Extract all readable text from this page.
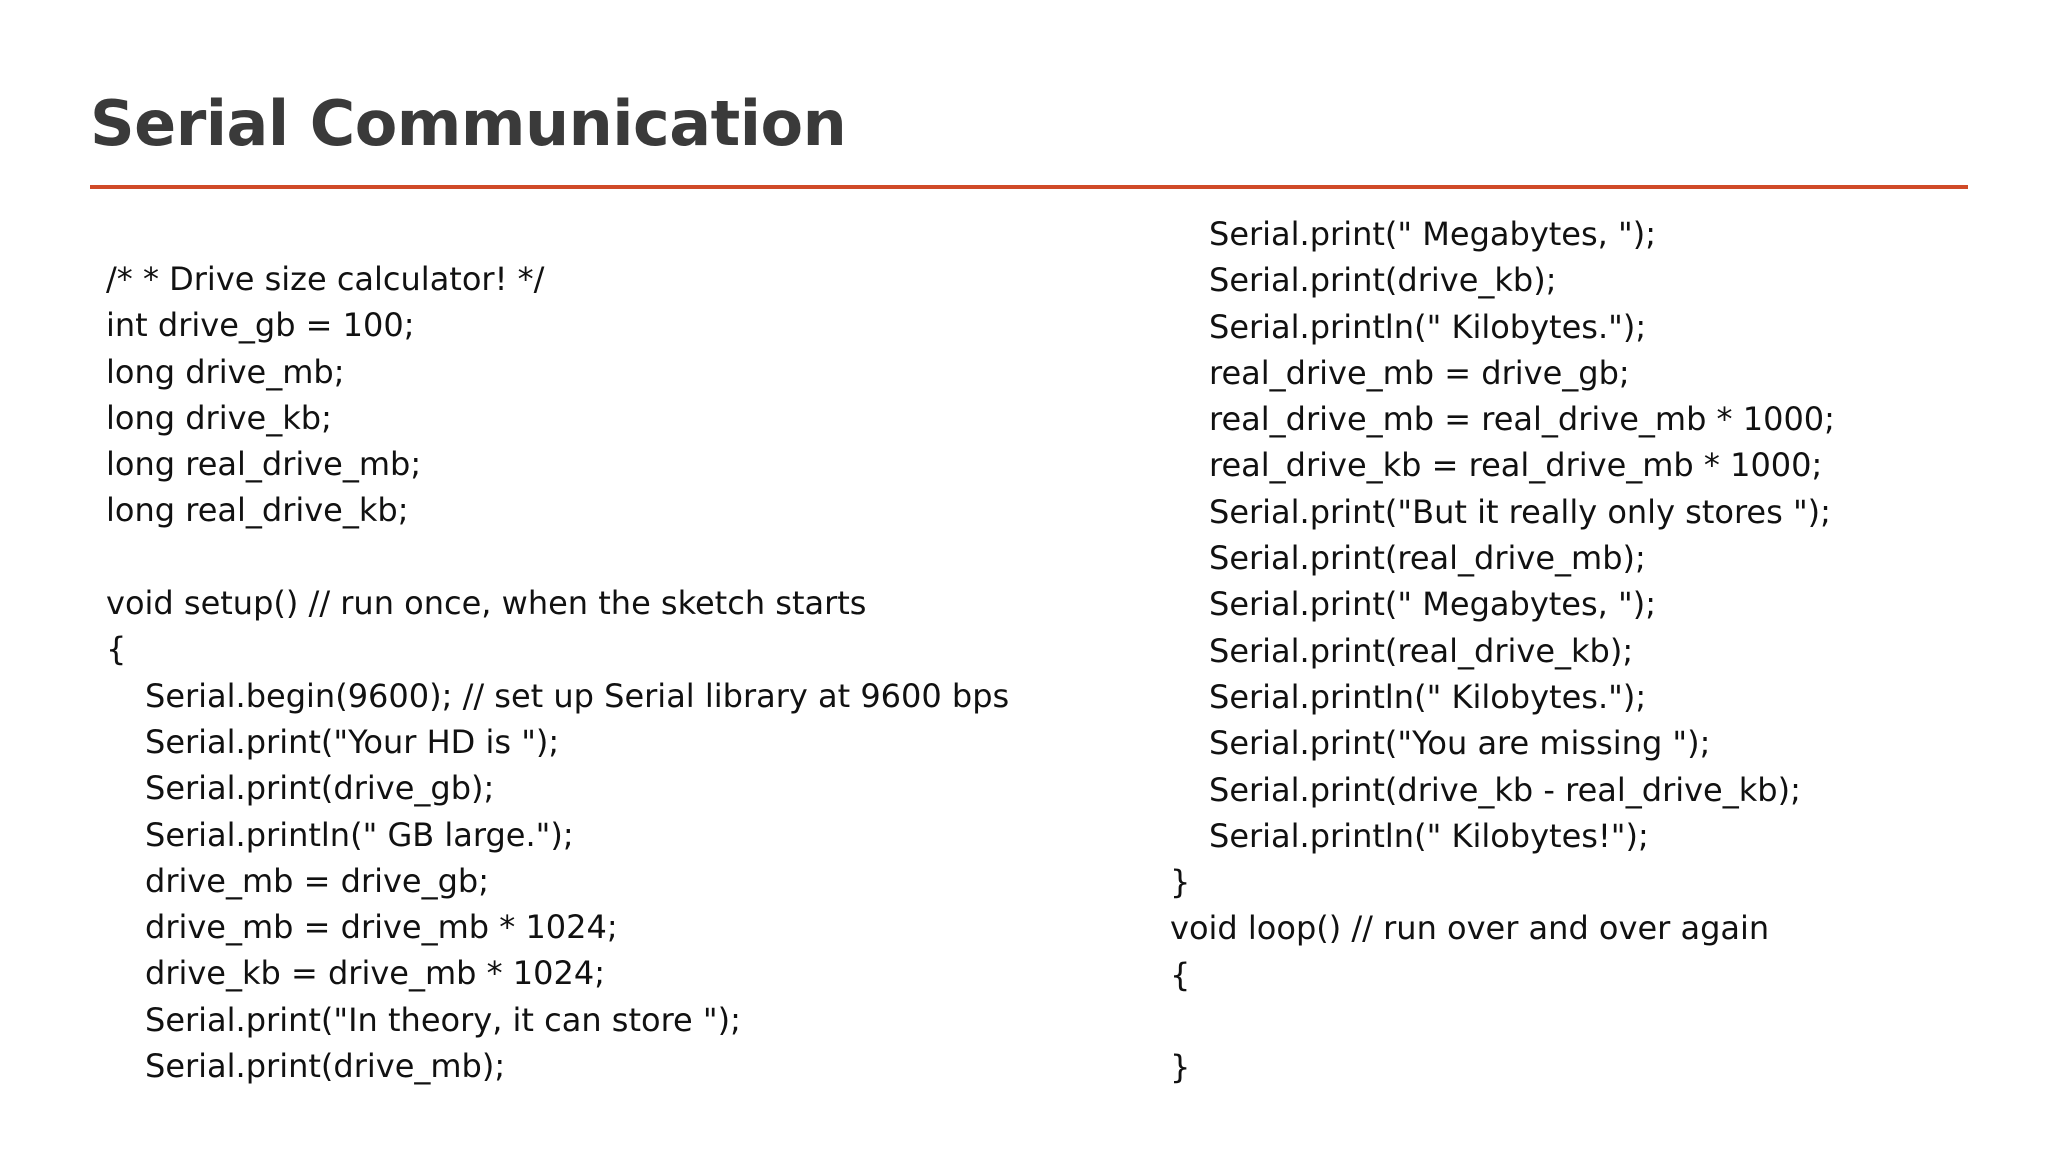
Serial Communication
/* * Drive size calculator! */
int drive_gb = 100;
long drive_mb;
long drive_kb;
long real_drive_mb;
long real_drive_kb;
void setup() // run once, when the sketch starts
{
Serial.begin(9600); // set up Serial library at 9600 bps
Serial.print("Your HD is ");
Serial.print(drive_gb);
Serial.println(" GB large.");
drive_mb = drive_gb;
drive_mb = drive_mb * 1024;
drive_kb = drive_mb * 1024;
Serial.print("In theory, it can store ");
Serial.print(drive_mb);
Serial.print(" Megabytes, ");
Serial.print(drive_kb);
Serial.println(" Kilobytes.");
real_drive_mb = drive_gb;
real_drive_mb = real_drive_mb * 1000;
real_drive_kb = real_drive_mb * 1000;
Serial.print("But it really only stores ");
Serial.print(real_drive_mb);
Serial.print(" Megabytes, ");
Serial.print(real_drive_kb);
Serial.println(" Kilobytes.");
Serial.print("You are missing ");
Serial.print(drive_kb - real_drive_kb);
Serial.println(" Kilobytes!");
}
void loop() // run over and over again
{
}
